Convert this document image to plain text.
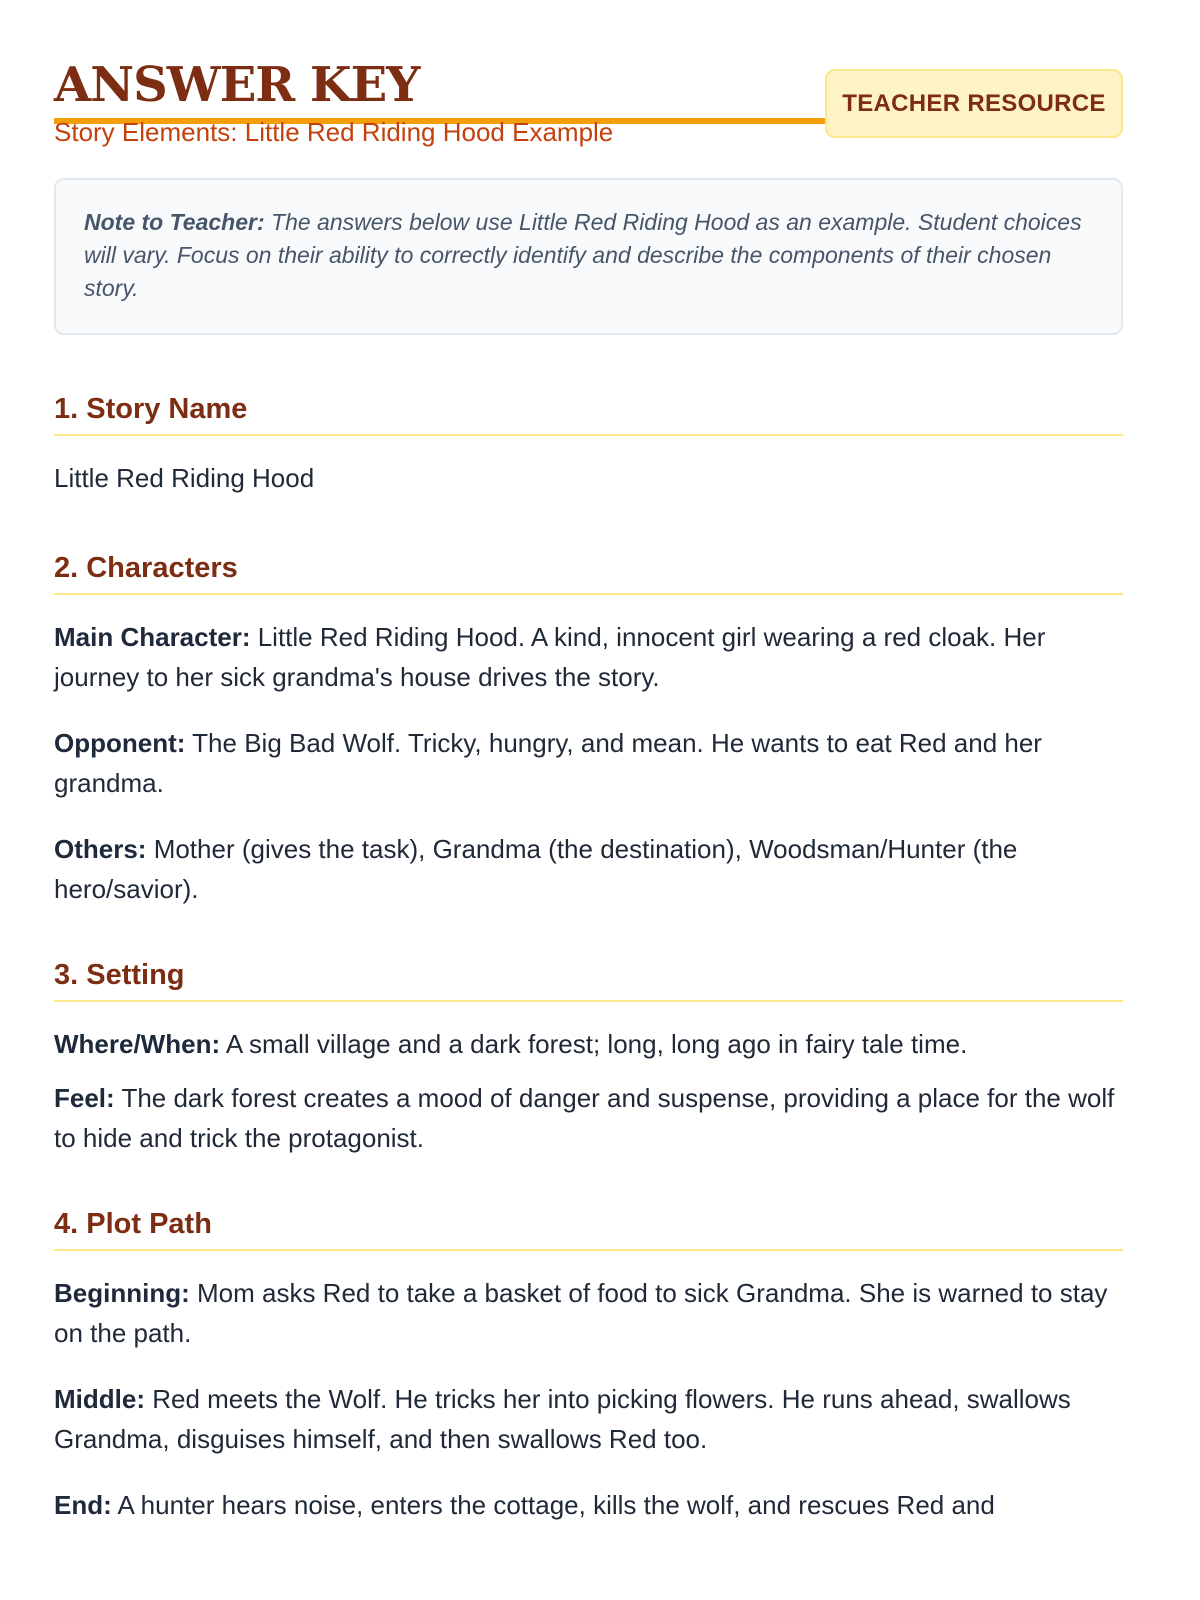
ANSWER KEY
Story Elements: Little Red Riding Hood Example
TEACHER RESOURCE
Note to Teacher: The answers below use Little Red Riding Hood as an example. Student choices will vary. Focus on their ability to correctly identify and describe the components of their chosen story.
1. Story Name

Little Red Riding Hood

2. Characters

Main Character: Little Red Riding Hood. A kind, innocent girl wearing a red cloak. Her journey to her sick grandma's house drives the story.

Opponent: The Big Bad Wolf. Tricky, hungry, and mean. He wants to eat Red and her grandma.

Others: Mother (gives the task), Grandma (the destination), Woodsman/Hunter (the hero/savior).

3. Setting

Where/When: A small village and a dark forest; long, long ago in fairy tale time.

Feel: The dark forest creates a mood of danger and suspense, providing a place for the wolf to hide and trick the protagonist.

4. Plot Path

Beginning: Mom asks Red to take a basket of food to sick Grandma. She is warned to stay on the path.

Middle: Red meets the Wolf. He tricks her into picking flowers. He runs ahead, swallows Grandma, disguises himself, and then swallows Red too.

End: A hunter hears noise, enters the cottage, kills the wolf, and rescues Red and
